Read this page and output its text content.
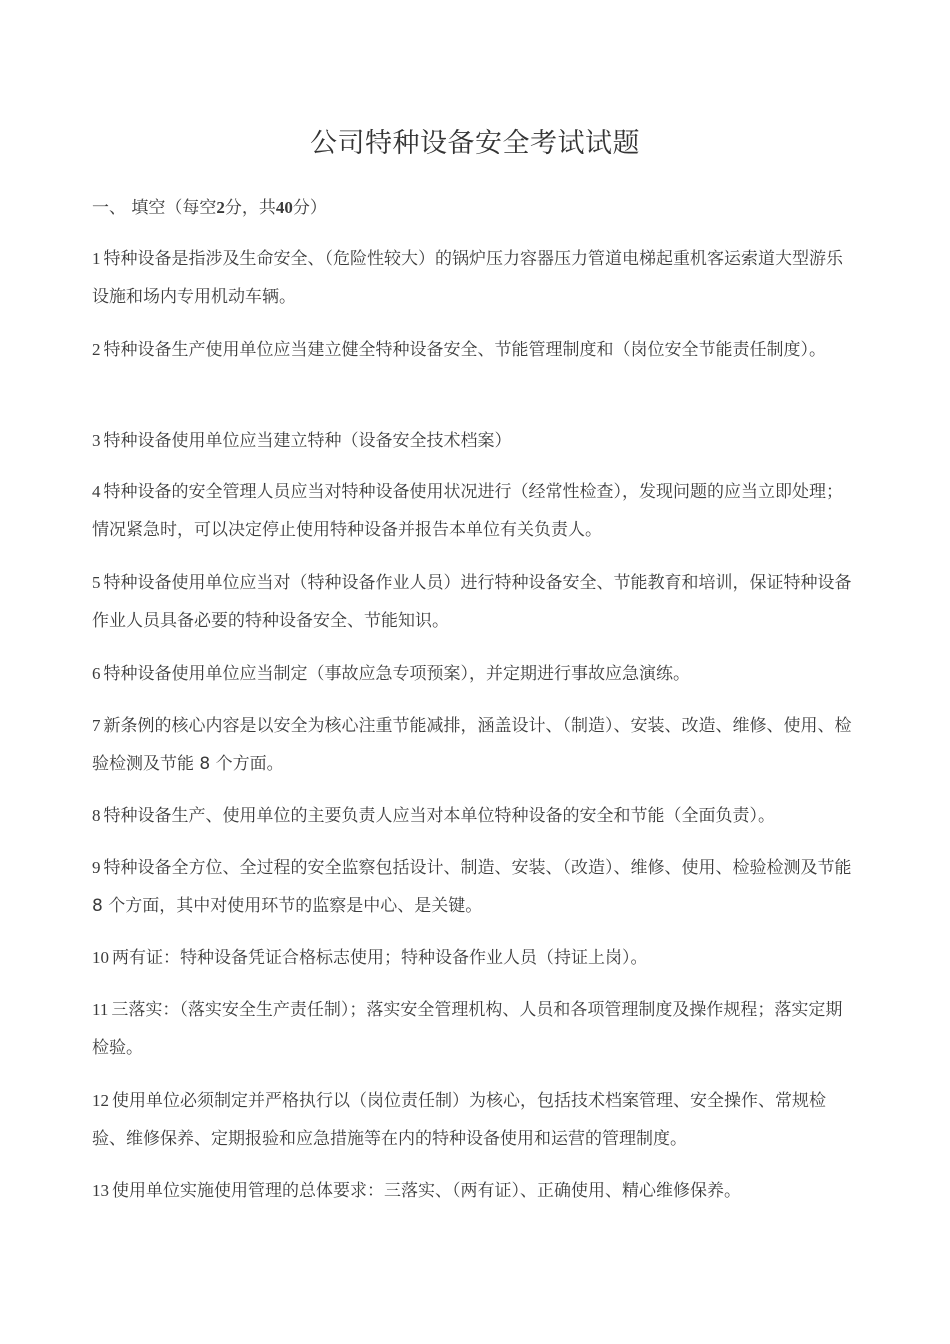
公司特种设备安全考试试题
一、 填空（每空2分，共40分）
1 特种设备是指涉及生命安全、（危险性较大）的锅炉压力容器压力管道电梯起重机客运索道大型游乐设施和场内专用机动车辆。
2 特种设备生产使用单位应当建立健全特种设备安全、节能管理制度和（岗位安全节能责任制度）。
3 特种设备使用单位应当建立特种（设备安全技术档案）
4 特种设备的安全管理人员应当对特种设备使用状况进行（经常性检查），发现问题的应当立即处理；情况紧急时，可以决定停止使用特种设备并报告本单位有关负责人。
5 特种设备使用单位应当对（特种设备作业人员）进行特种设备安全、节能教育和培训，保证特种设备作业人员具备必要的特种设备安全、节能知识。
6 特种设备使用单位应当制定（事故应急专项预案），并定期进行事故应急演练。
7 新条例的核心内容是以安全为核心注重节能减排，涵盖设计、（制造）、安装、改造、维修、使用、检验检测及节能 8 个方面。
8 特种设备生产、使用单位的主要负责人应当对本单位特种设备的安全和节能（全面负责）。
9 特种设备全方位、全过程的安全监察包括设计、制造、安装、（改造）、维修、使用、检验检测及节能 8 个方面，其中对使用环节的监察是中心、是关键。
10 两有证：特种设备凭证合格标志使用；特种设备作业人员（持证上岗）。
11 三落实：（落实安全生产责任制）；落实安全管理机构、人员和各项管理制度及操作规程；落实定期检验。
12 使用单位必须制定并严格执行以（岗位责任制）为核心，包括技术档案管理、安全操作、常规检验、维修保养、定期报验和应急措施等在内的特种设备使用和运营的管理制度。
13 使用单位实施使用管理的总体要求：三落实、（两有证）、正确使用、精心维修保养。
